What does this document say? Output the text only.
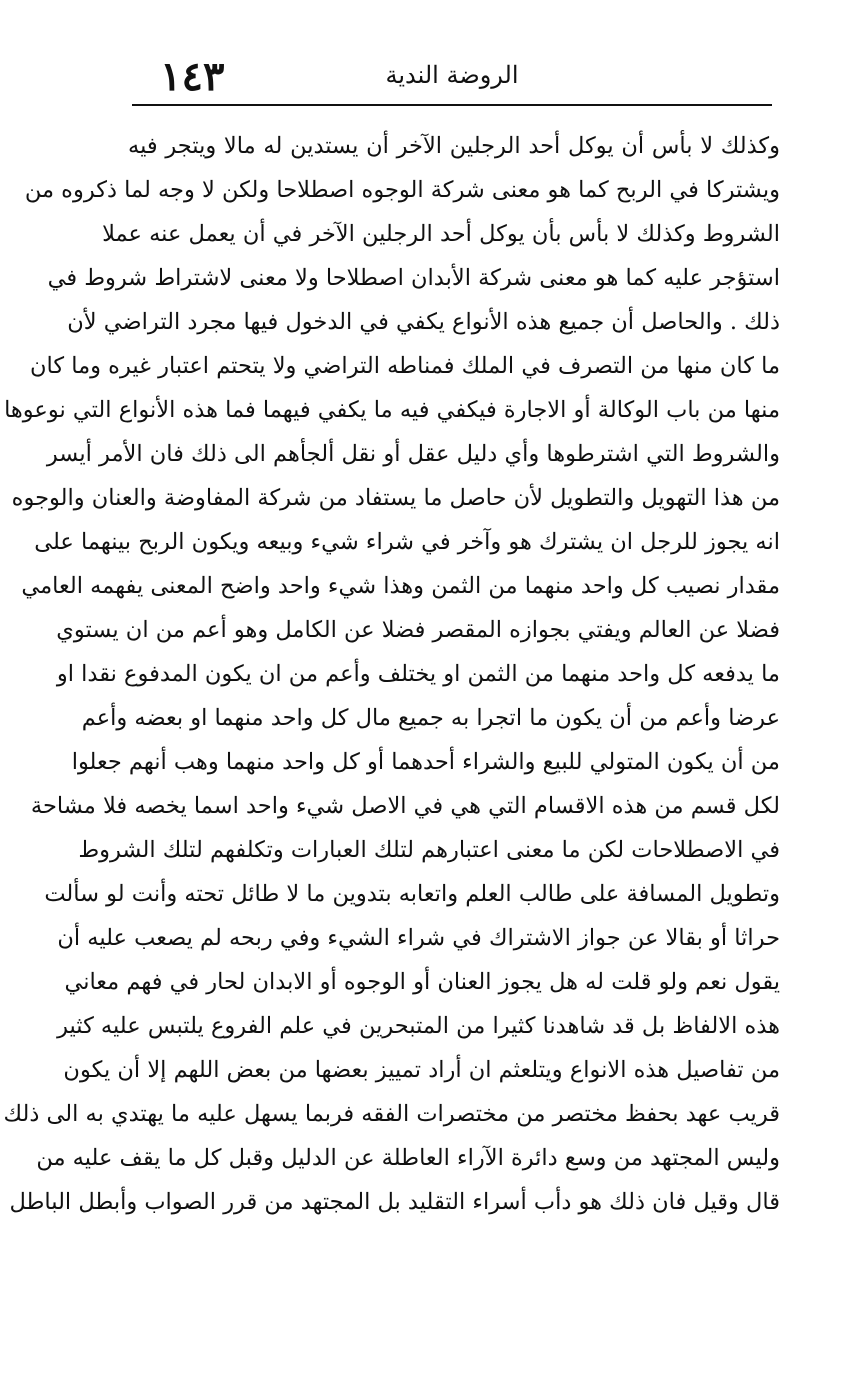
١٤٣	الروضة الندية
وكذلك لا بأس أن يوكل أحد الرجلين الآخر أن يستدين له مالا ويتجر فيه
ويشتركا في الربح كما هو معنى شركة الوجوه اصطلاحا ولكن لا وجه لما ذكروه من
الشروط وكذلك لا بأس بأن يوكل أحد الرجلين الآخر في أن يعمل عنه عملا
استؤجر عليه كما هو معنى شركة الأبدان اصطلاحا ولا معنى لاشتراط شروط في
ذلك . والحاصل أن جميع هذه الأنواع يكفي في الدخول فيها مجرد التراضي لأن
ما كان منها من التصرف في الملك فمناطه التراضي ولا يتحتم اعتبار غيره وما كان
منها من باب الوكالة أو الاجارة فيكفي فيه ما يكفي فيهما فما هذه الأنواع التي نوعوها
والشروط التي اشترطوها وأي دليل عقل أو نقل ألجأهم الى ذلك فان الأمر أيسر
من هذا التهويل والتطويل لأن حاصل ما يستفاد من شركة المفاوضة والعنان والوجوه
انه يجوز للرجل ان يشترك هو وآخر في شراء شيء وبيعه ويكون الربح بينهما على
مقدار نصيب كل واحد منهما من الثمن وهذا شيء واحد واضح المعنى يفهمه العامي
فضلا عن العالم ويفتي بجوازه المقصر فضلا عن الكامل وهو أعم من ان يستوي
ما يدفعه كل واحد منهما من الثمن او يختلف وأعم من ان يكون المدفوع نقدا او
عرضا وأعم من أن يكون ما اتجرا به جميع مال كل واحد منهما او بعضه وأعم
من أن يكون المتولي للبيع والشراء أحدهما أو كل واحد منهما وهب أنهم جعلوا
لكل قسم من هذه الاقسام التي هي في الاصل شيء واحد اسما يخصه فلا مشاحة
في الاصطلاحات لكن ما معنى اعتبارهم لتلك العبارات وتكلفهم لتلك الشروط
وتطويل المسافة على طالب العلم واتعابه بتدوين ما لا طائل تحته وأنت لو سألت
حراثا أو بقالا عن جواز الاشتراك في شراء الشيء وفي ربحه لم يصعب عليه أن
يقول نعم ولو قلت له هل يجوز العنان أو الوجوه أو الابدان لحار في فهم معاني
هذه الالفاظ بل قد شاهدنا كثيرا من المتبحرين في علم الفروع يلتبس عليه كثير
من تفاصيل هذه الانواع ويتلعثم ان أراد تمييز بعضها من بعض اللهم إلا أن يكون
قريب عهد بحفظ مختصر من مختصرات الفقه فربما يسهل عليه ما يهتدي به الى ذلك
وليس المجتهد من وسع دائرة الآراء العاطلة عن الدليل وقبل كل ما يقف عليه من
قال وقيل فان ذلك هو دأب أسراء التقليد بل المجتهد من قرر الصواب وأبطل الباطل
